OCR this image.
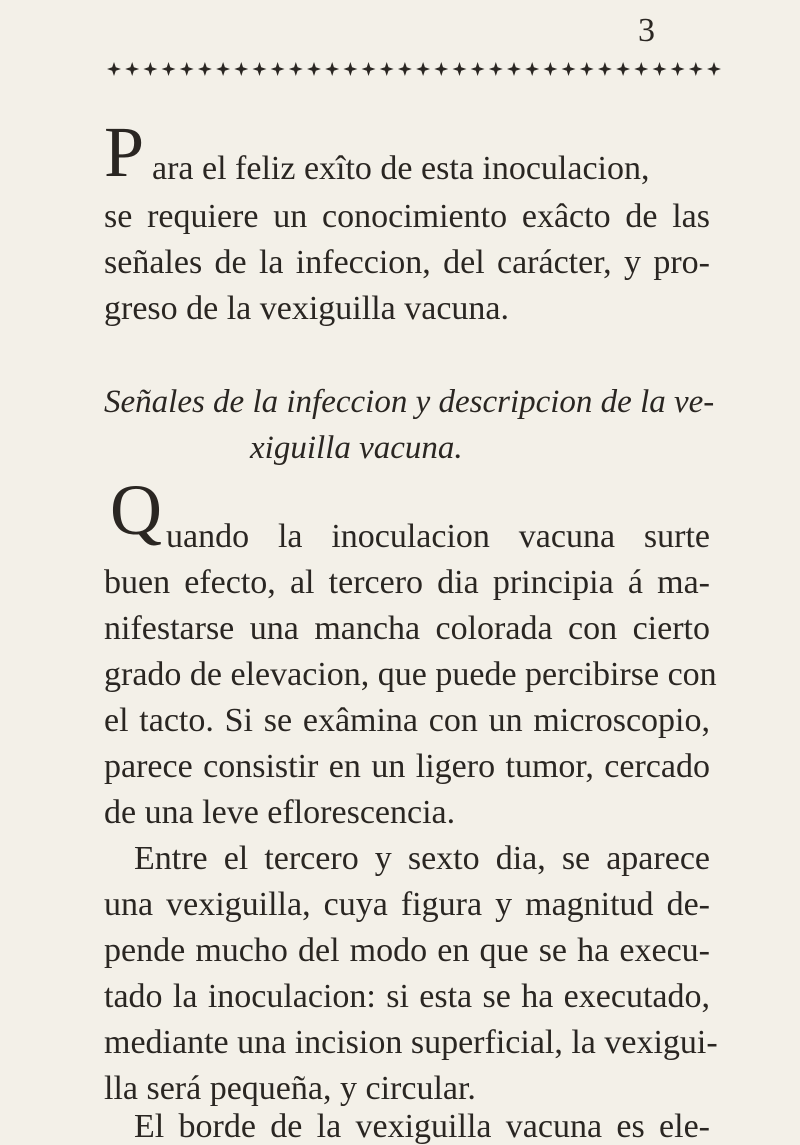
3
P ara el feliz exîto de esta inoculacion,
se requiere un conocimiento exâcto de las
señales de la infeccion, del carácter, y pro-
greso de la vexiguilla vacuna.
Señales de la infeccion y descripcion de la ve-
xiguilla vacuna.
Q uando la inoculacion vacuna surte
buen efecto, al tercero dia principia á ma-
nifestarse una mancha colorada con cierto
grado de elevacion, que puede percibirse con
el tacto. Si se exâmina con un microscopio,
parece consistir en un ligero tumor, cercado
de una leve eflorescencia.
Entre el tercero y sexto dia, se aparece
una vexiguilla, cuya figura y magnitud de-
pende mucho del modo en que se ha execu-
tado la inoculacion: si esta se ha executado,
mediante una incision superficial, la vexigui-
lla será pequeña, y circular.
El borde de la vexiguilla vacuna es ele-
